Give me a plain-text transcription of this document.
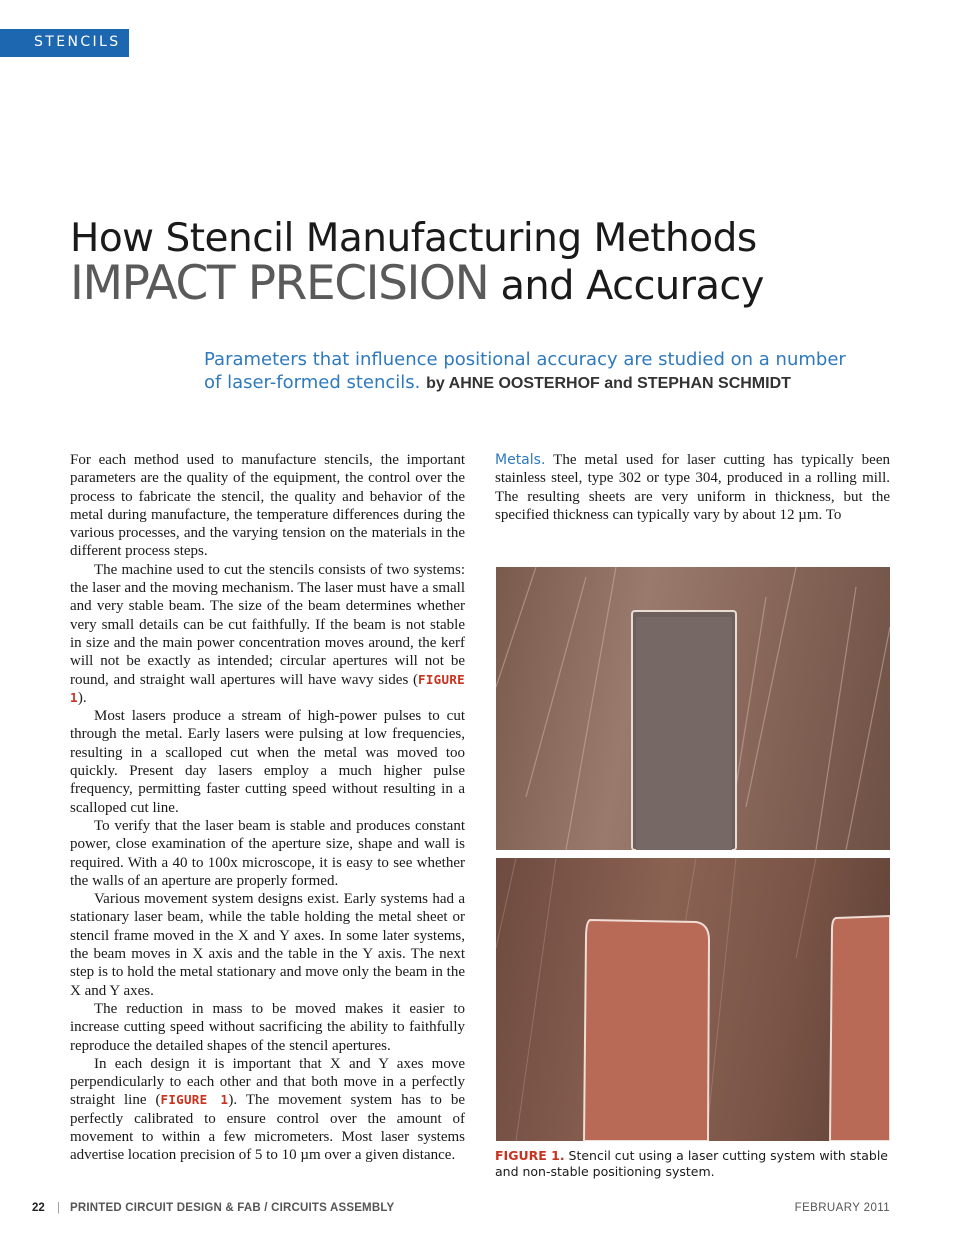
STENCILS
How Stencil Manufacturing Methods
IMPACT PRECISION and Accuracy
Parameters that influence positional accuracy are studied on a number of laser-formed stencils. by AHNE OOSTERHOF and STEPHAN SCHMIDT

For each method used to manufacture stencils, the important parameters are the quality of the equipment, the control over the process to fabricate the stencil, the quality and behavior of the metal during manufacture, the temperature differences during the various processes, and the varying tension on the materials in the different process steps.

The machine used to cut the stencils consists of two systems: the laser and the moving mechanism. The laser must have a small and very stable beam. The size of the beam determines whether very small details can be cut faithfully. If the beam is not stable in size and the main power concentration moves around, the kerf will not be exactly as intended; circular apertures will not be round, and straight wall apertures will have wavy sides (FIGURE 1).

Most lasers produce a stream of high-power pulses to cut through the metal. Early lasers were pulsing at low frequencies, resulting in a scalloped cut when the metal was moved too quickly. Present day lasers employ a much higher pulse frequency, permitting faster cutting speed without resulting in a scalloped cut line.

To verify that the laser beam is stable and produces constant power, close examination of the aperture size, shape and wall is required. With a 40 to 100x microscope, it is easy to see whether the walls of an aperture are properly formed.

Various movement system designs exist. Early systems had a stationary laser beam, while the table holding the metal sheet or stencil frame moved in the X and Y axes. In some later systems, the beam moves in X axis and the table in the Y axis. The next step is to hold the metal stationary and move only the beam in the X and Y axes.

The reduction in mass to be moved makes it easier to increase cutting speed without sacrificing the ability to faithfully reproduce the detailed shapes of the stencil apertures.

In each design it is important that X and Y axes move perpendicularly to each other and that both move in a perfectly straight line (FIGURE 1). The movement system has to be perfectly calibrated to ensure control over the amount of movement to within a few micrometers. Most laser systems advertise location precision of 5 to 10 µm over a given distance.

Metals. The metal used for laser cutting has typically been stainless steel, type 302 or type 304, produced in a rolling mill. The resulting sheets are very uniform in thickness, but the specified thickness can typically vary by about 12 µm. To

FIGURE 1. Stencil cut using a laser cutting system with stable and non-stable positioning system.
22 | PRINTED CIRCUIT DESIGN & FAB / CIRCUITS ASSEMBLY	FEBRUARY 2011
